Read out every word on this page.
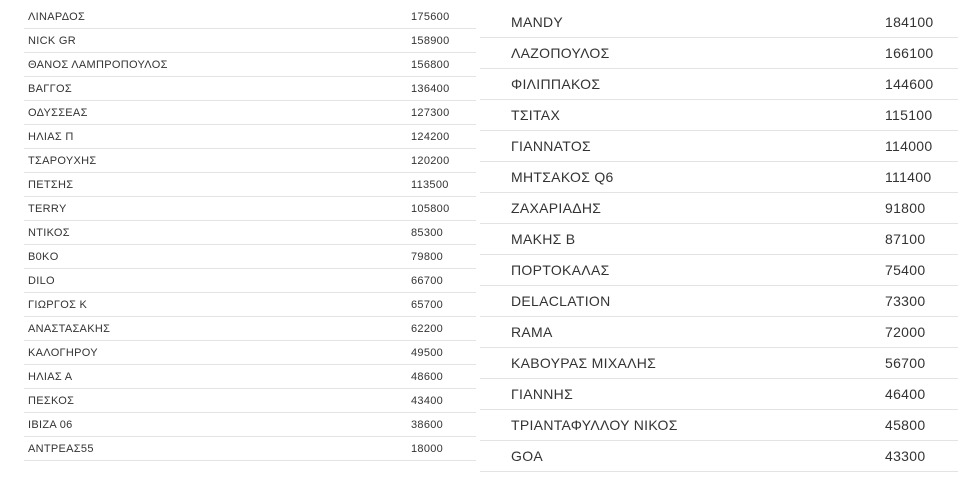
ΛΙΝΑΡΔΟΣ	175600
NICK GR	158900
ΘΑΝΟΣ ΛΑΜΠΡΟΠΟΥΛΟΣ	156800
ΒΑΓΓΟΣ	136400
ΟΔΥΣΣΕΑΣ	127300
ΗΛΙΑΣ Π	124200
ΤΣΑΡΟΥΧΗΣ	120200
ΠΕΤΣΗΣ	113500
TERRY	105800
ΝΤΙΚΟΣ	85300
B0KO	79800
DILO	66700
ΓΙΩΡΓΟΣ Κ	65700
ΑΝΑΣΤΑΣΑΚΗΣ	62200
ΚΑΛΟΓΗΡΟΥ	49500
ΗΛΙΑΣ Α	48600
ΠΕΣΚΟΣ	43400
IBIZA 06	38600
ΑΝΤΡΕΑΣ55	18000
MANDY	184100
ΛΑΖΟΠΟΥΛΟΣ	166100
ΦΙΛΙΠΠΑΚΟΣ	144600
ΤΣΙΤΑΧ	115100
ΓΙΑΝΝΑΤΟΣ	114000
ΜΗΤΣΑΚΟΣ Q6	111400
ΖΑΧΑΡΙΑΔΗΣ	91800
ΜΑΚΗΣ Β	87100
ΠΟΡΤΟΚΑΛΑΣ	75400
DELACLATION	73300
RAMA	72000
ΚΑΒΟΥΡΑΣ ΜΙΧΑΛΗΣ	56700
ΓΙΑΝΝΗΣ	46400
ΤΡΙΑΝΤΑΦΥΛΛΟΥ ΝΙΚΟΣ	45800
GOA	43300
